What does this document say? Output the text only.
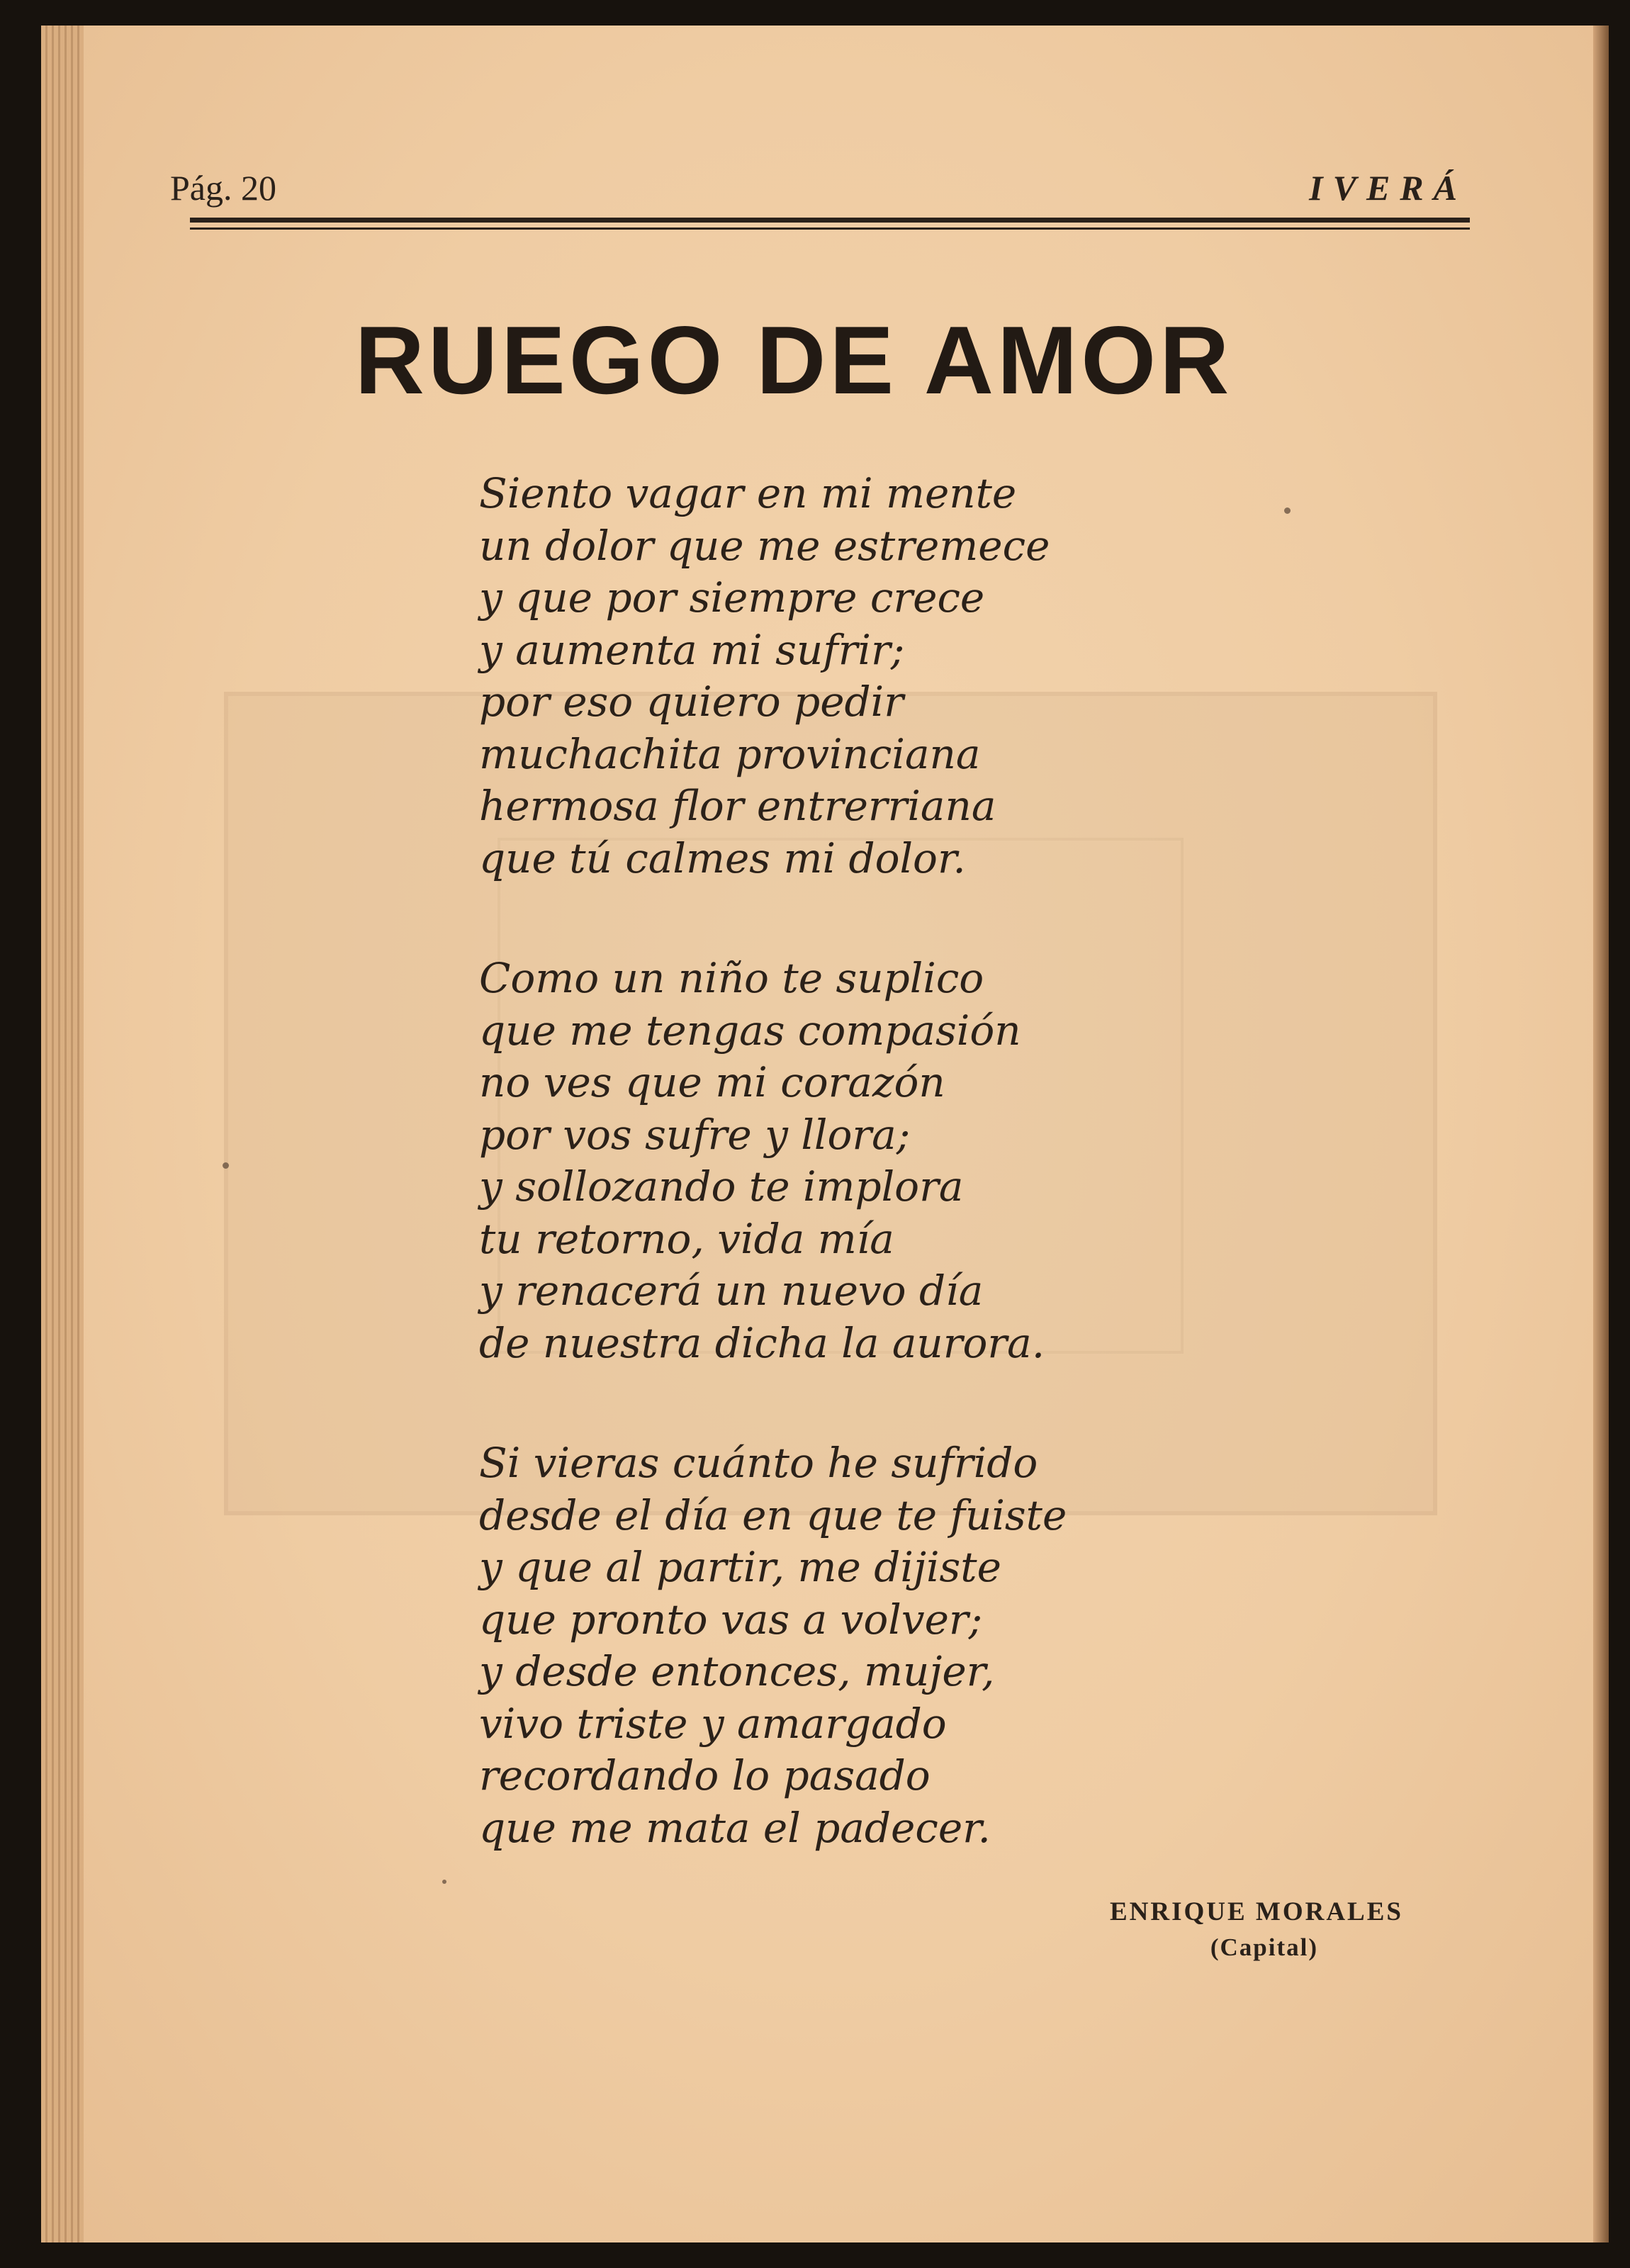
Pág. 20	IVERÁ
RUEGO DE AMOR
Siento vagar en mi mente
un dolor que me estremece
y que por siempre crece
y aumenta mi sufrir;
por eso quiero pedir
muchachita provinciana
hermosa flor entrerriana
que tú calmes mi dolor.
Como un niño te suplico
que me tengas compasión
no ves que mi corazón
por vos sufre y llora;
y sollozando te implora
tu retorno, vida mía
y renacerá un nuevo día
de nuestra dicha la aurora.
Si vieras cuánto he sufrido
desde el día en que te fuiste
y que al partir, me dijiste
que pronto vas a volver;
y desde entonces, mujer,
vivo triste y amargado
recordando lo pasado
que me mata el padecer.
ENRIQUE MORALES
(Capital)
